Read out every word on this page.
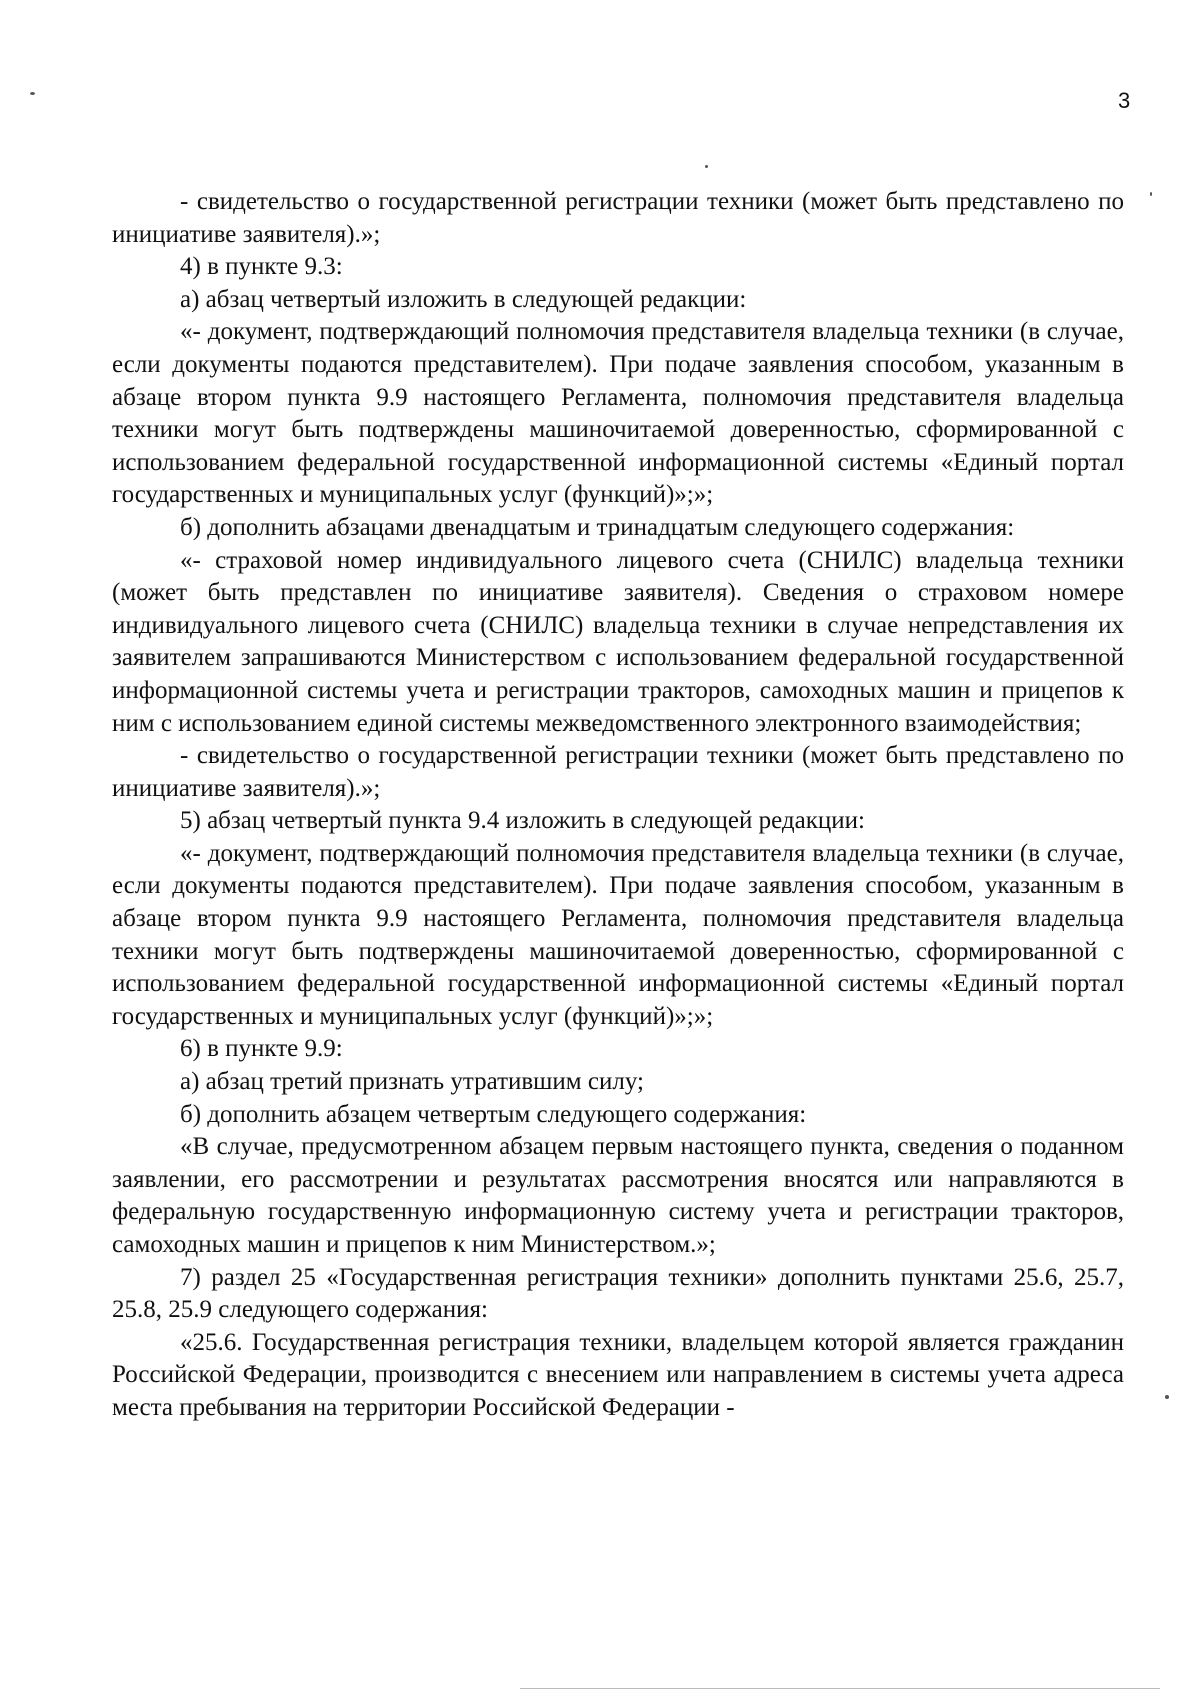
3

- свидетельство о государственной регистрации техники (может быть представлено по инициативе заявителя).»;

4) в пункте 9.3:

а) абзац четвертый изложить в следующей редакции:

«- документ, подтверждающий полномочия представителя владельца техники (в случае, если документы подаются представителем). При подаче заявления способом, указанным в абзаце втором пункта 9.9 настоящего Регламента, полномочия представителя владельца техники могут быть подтверждены машиночитаемой доверенностью, сформированной с использованием федеральной государственной информационной системы «Единый портал государственных и муниципальных услуг (функций)»;»;

б) дополнить абзацами двенадцатым и тринадцатым следующего содержания:

«- страховой номер индивидуального лицевого счета (СНИЛС) владельца техники (может быть представлен по инициативе заявителя). Сведения о страховом номере индивидуального лицевого счета (СНИЛС) владельца техники в случае непредставления их заявителем запрашиваются Министерством с использованием федеральной государственной информационной системы учета и регистрации тракторов, самоходных машин и прицепов к ним с использованием единой системы межведомственного электронного взаимодействия;

- свидетельство о государственной регистрации техники (может быть представлено по инициативе заявителя).»;

5) абзац четвертый пункта 9.4 изложить в следующей редакции:

«- документ, подтверждающий полномочия представителя владельца техники (в случае, если документы подаются представителем). При подаче заявления способом, указанным в абзаце втором пункта 9.9 настоящего Регламента, полномочия представителя владельца техники могут быть подтверждены машиночитаемой доверенностью, сформированной с использованием федеральной государственной информационной системы «Единый портал государственных и муниципальных услуг (функций)»;»;

6) в пункте 9.9:

а) абзац третий признать утратившим силу;

б) дополнить абзацем четвертым следующего содержания:

«В случае, предусмотренном абзацем первым настоящего пункта, сведения о поданном заявлении, его рассмотрении и результатах рассмотрения вносятся или направляются в федеральную государственную информационную систему учета и регистрации тракторов, самоходных машин и прицепов к ним Министерством.»;

7) раздел 25 «Государственная регистрация техники» дополнить пунктами 25.6, 25.7, 25.8, 25.9 следующего содержания:

«25.6. Государственная регистрация техники, владельцем которой является гражданин Российской Федерации, производится с внесением или направлением в системы учета адреса места пребывания на территории Российской Федерации -
